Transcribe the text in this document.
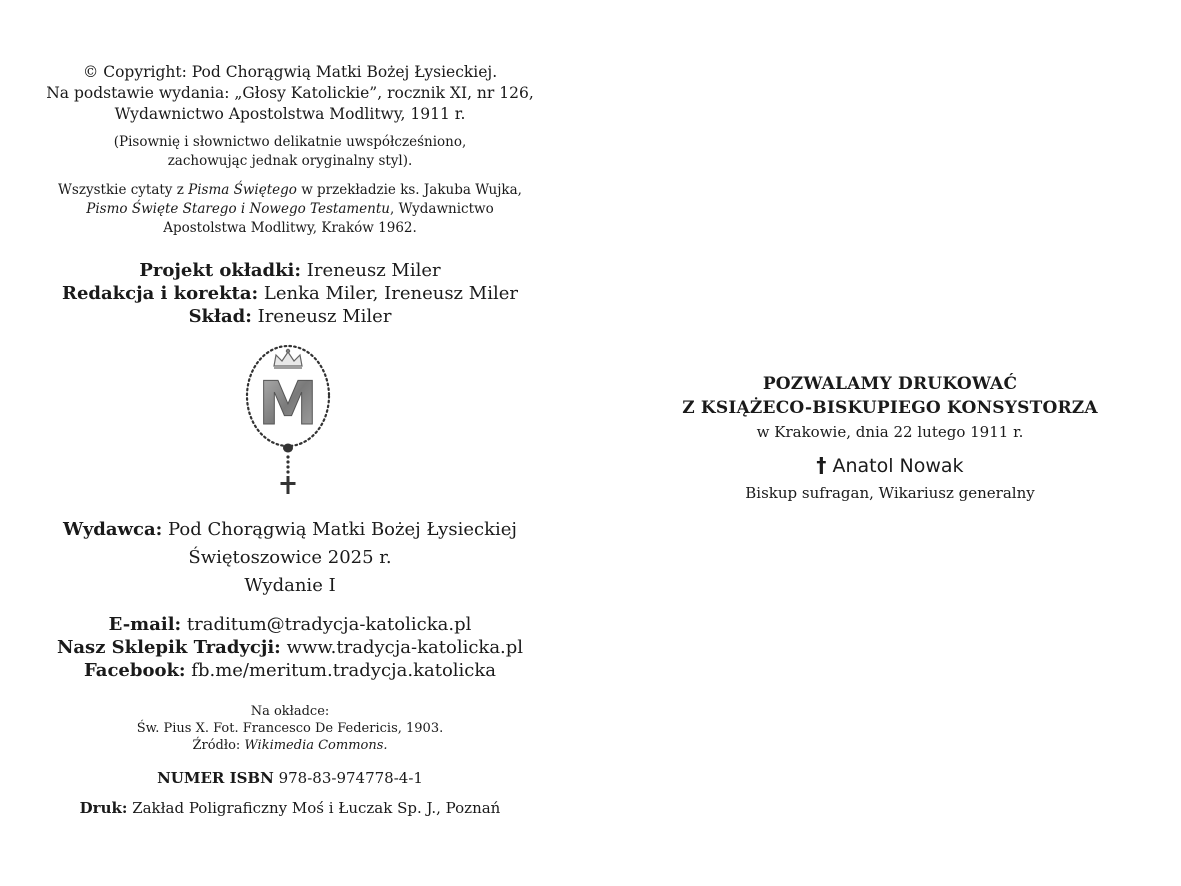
© Copyright: Pod Chorągwią Matki Bożej Łysieckiej.
Na podstawie wydania: „Głosy Katolickie”, rocznik XI, nr 126,
Wydawnictwo Apostolstwa Modlitwy, 1911 r.
(Pisownię i słownictwo delikatnie uwspółcześniono,
zachowując jednak oryginalny styl).
Wszystkie cytaty z Pisma Świętego w przekładzie ks. Jakuba Wujka,
Pismo Święte Starego i Nowego Testamentu, Wydawnictwo
Apostolstwa Modlitwy, Kraków 1962.
Projekt okładki: Ireneusz Miler
Redakcja i korekta: Lenka Miler, Ireneusz Miler
Skład: Ireneusz Miler
M
Wydawca: Pod Chorągwią Matki Bożej Łysieckiej
Świętoszowice 2025 r.
Wydanie I
E-mail: traditum@tradycja-katolicka.pl
Nasz Sklepik Tradycji: www.tradycja-katolicka.pl
Facebook: fb.me/meritum.tradycja.katolicka
Na okładce:
Św. Pius X. Fot. Francesco De Federicis, 1903.
Źródło: Wikimedia Commons.
NUMER ISBN 978-83-974778-4-1
Druk: Zakład Poligraficzny Moś i Łuczak Sp. J., Poznań
POZWALAMY DRUKOWAĆ
Z KSIĄŻECO-BISKUPIEGO KONSYSTORZA
w Krakowie, dnia 22 lutego 1911 r.
† Anatol Nowak
Biskup sufragan, Wikariusz generalny
